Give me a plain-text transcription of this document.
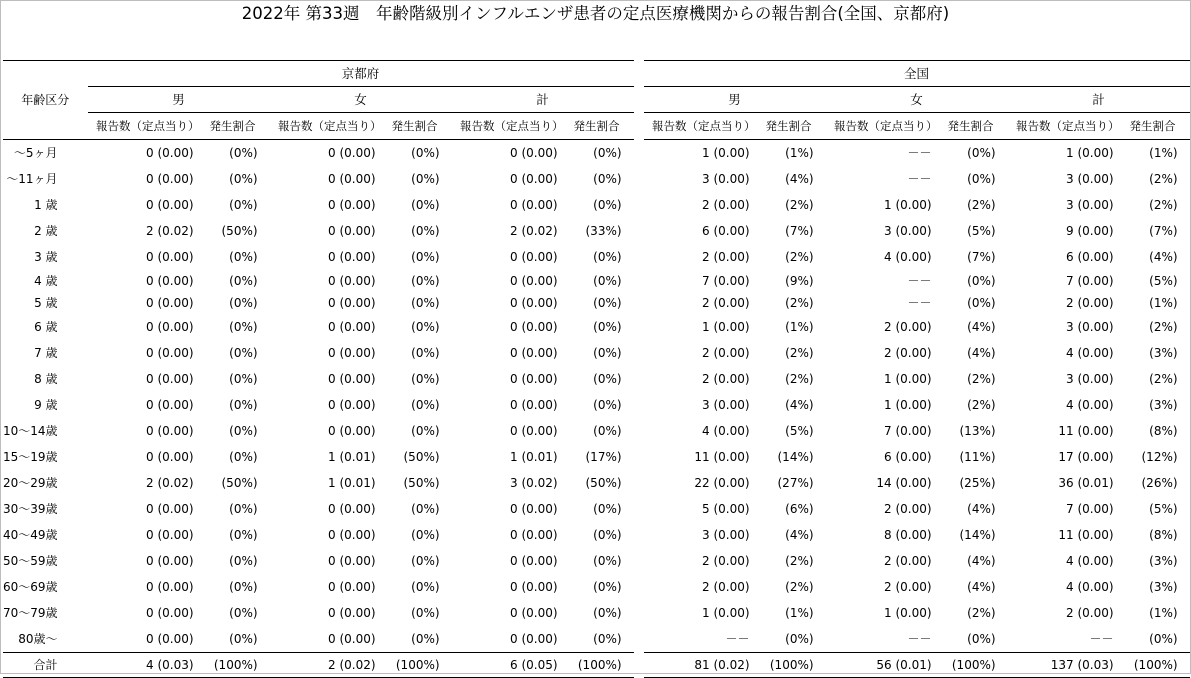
2022年 第33週　年齢階級別インフルエンザ患者の定点医療機関からの報告割合(全国、京都府)
年齢区分	京都府							全国					
	男		女		計			男		女		計	
	報告数（定点当り）	発生割合	報告数（定点当り）	発生割合	報告数（定点当り）	発生割合		報告数（定点当り）	発生割合	報告数（定点当り）	発生割合	報告数（定点当り）	発生割合
～5ヶ月	0 (0.00)	(0%)	0 (0.00)	(0%)	0 (0.00)	(0%)		1 (0.00)	(1%)	－－	(0%)	1 (0.00)	(1%)
～11ヶ月	0 (0.00)	(0%)	0 (0.00)	(0%)	0 (0.00)	(0%)		3 (0.00)	(4%)	－－	(0%)	3 (0.00)	(2%)
1 歳	0 (0.00)	(0%)	0 (0.00)	(0%)	0 (0.00)	(0%)		2 (0.00)	(2%)	1 (0.00)	(2%)	3 (0.00)	(2%)
2 歳	2 (0.02)	(50%)	0 (0.00)	(0%)	2 (0.02)	(33%)		6 (0.00)	(7%)	3 (0.00)	(5%)	9 (0.00)	(7%)
3 歳	0 (0.00)	(0%)	0 (0.00)	(0%)	0 (0.00)	(0%)		2 (0.00)	(2%)	4 (0.00)	(7%)	6 (0.00)	(4%)
4 歳	0 (0.00)	(0%)	0 (0.00)	(0%)	0 (0.00)	(0%)		7 (0.00)	(9%)	－－	(0%)	7 (0.00)	(5%)
5 歳	0 (0.00)	(0%)	0 (0.00)	(0%)	0 (0.00)	(0%)		2 (0.00)	(2%)	－－	(0%)	2 (0.00)	(1%)
6 歳	0 (0.00)	(0%)	0 (0.00)	(0%)	0 (0.00)	(0%)		1 (0.00)	(1%)	2 (0.00)	(4%)	3 (0.00)	(2%)
7 歳	0 (0.00)	(0%)	0 (0.00)	(0%)	0 (0.00)	(0%)		2 (0.00)	(2%)	2 (0.00)	(4%)	4 (0.00)	(3%)
8 歳	0 (0.00)	(0%)	0 (0.00)	(0%)	0 (0.00)	(0%)		2 (0.00)	(2%)	1 (0.00)	(2%)	3 (0.00)	(2%)
9 歳	0 (0.00)	(0%)	0 (0.00)	(0%)	0 (0.00)	(0%)		3 (0.00)	(4%)	1 (0.00)	(2%)	4 (0.00)	(3%)
10～14歳	0 (0.00)	(0%)	0 (0.00)	(0%)	0 (0.00)	(0%)		4 (0.00)	(5%)	7 (0.00)	(13%)	11 (0.00)	(8%)
15～19歳	0 (0.00)	(0%)	1 (0.01)	(50%)	1 (0.01)	(17%)		11 (0.00)	(14%)	6 (0.00)	(11%)	17 (0.00)	(12%)
20～29歳	2 (0.02)	(50%)	1 (0.01)	(50%)	3 (0.02)	(50%)		22 (0.00)	(27%)	14 (0.00)	(25%)	36 (0.01)	(26%)
30～39歳	0 (0.00)	(0%)	0 (0.00)	(0%)	0 (0.00)	(0%)		5 (0.00)	(6%)	2 (0.00)	(4%)	7 (0.00)	(5%)
40～49歳	0 (0.00)	(0%)	0 (0.00)	(0%)	0 (0.00)	(0%)		3 (0.00)	(4%)	8 (0.00)	(14%)	11 (0.00)	(8%)
50～59歳	0 (0.00)	(0%)	0 (0.00)	(0%)	0 (0.00)	(0%)		2 (0.00)	(2%)	2 (0.00)	(4%)	4 (0.00)	(3%)
60～69歳	0 (0.00)	(0%)	0 (0.00)	(0%)	0 (0.00)	(0%)		2 (0.00)	(2%)	2 (0.00)	(4%)	4 (0.00)	(3%)
70～79歳	0 (0.00)	(0%)	0 (0.00)	(0%)	0 (0.00)	(0%)		1 (0.00)	(1%)	1 (0.00)	(2%)	2 (0.00)	(1%)
80歳～	0 (0.00)	(0%)	0 (0.00)	(0%)	0 (0.00)	(0%)		－－	(0%)	－－	(0%)	－－	(0%)
合計	4 (0.03)	(100%)	2 (0.02)	(100%)	6 (0.05)	(100%)		81 (0.02)	(100%)	56 (0.01)	(100%)	137 (0.03)	(100%)
